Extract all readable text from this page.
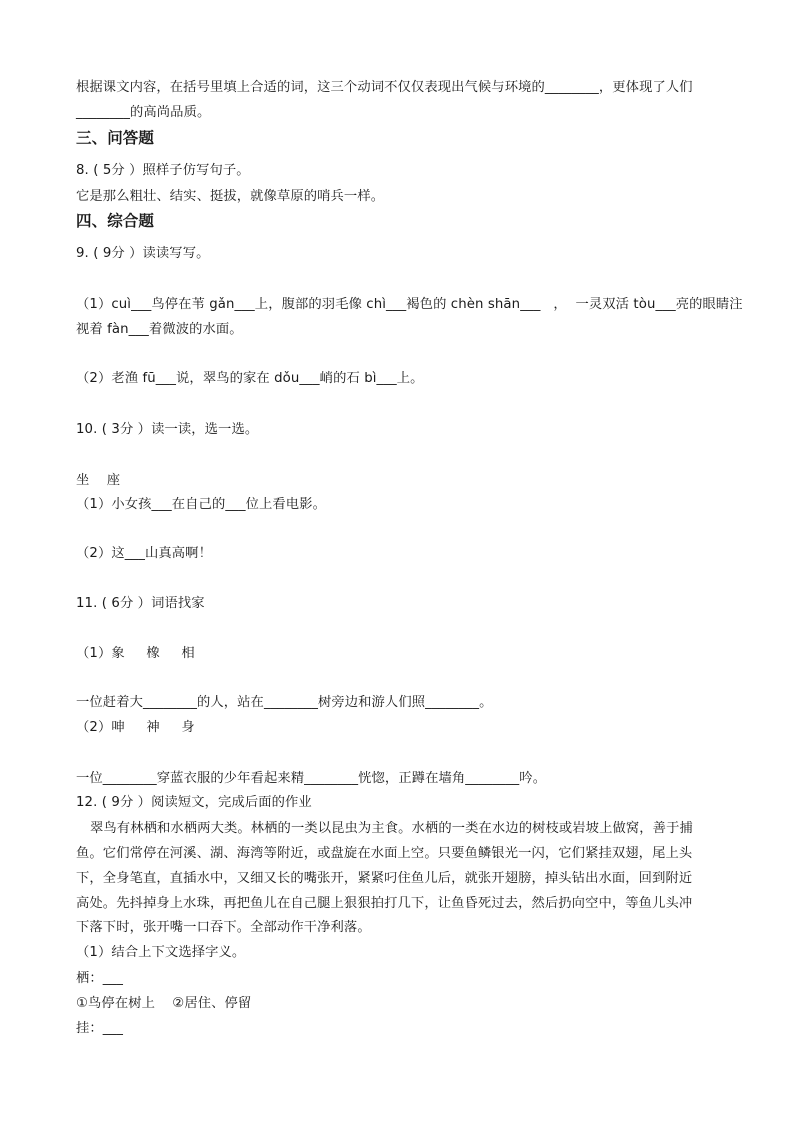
根据课文内容，在括号里填上合适的词，这三个动词不仅仅表现出气候与环境的________，更体现了人们
________的高尚品质。
三、问答题
8. ( 5分 ）照样子仿写句子。
它是那么粗壮、结实、挺拔，就像草原的哨兵一样。
四、综合题
9. ( 9分 ）读读写写。
（1）cuì___鸟停在苇 gǎn___上，腹部的羽毛像 chì___褐色的 chèn shān___   ，  一灵双活 tòu___亮的眼睛注
视着 fàn___着微波的水面。
（2）老渔 fū___说，翠鸟的家在 dǒu___峭的石 bì___上。
10. ( 3分 ）读一读，选一选。
坐    座
（1）小女孩___在自己的___位上看电影。
（2）这___山真高啊！
11. ( 6分 ）词语找家
（1）象     橡     相
一位赶着大________的人，站在________树旁边和游人们照________。
（2）呻     神     身
一位________穿蓝衣服的少年看起来精________恍惚，正蹲在墙角________吟。
12. ( 9分 ）阅读短文，完成后面的作业
翠鸟有林栖和水栖两大类。林栖的一类以昆虫为主食。水栖的一类在水边的树枝或岩坡上做窝，善于捕
鱼。它们常停在河溪、湖、海湾等附近，或盘旋在水面上空。只要鱼鳞银光一闪，它们紧挂双翅，尾上头
下，全身笔直，直插水中，又细又长的嘴张开，紧紧叼住鱼儿后，就张开翅膀，掉头钻出水面，回到附近
高处。先抖掉身上水珠，再把鱼儿在自己腿上狠狠拍打几下，让鱼昏死过去，然后扔向空中，等鱼儿头冲
下落下时，张开嘴一口吞下。全部动作干净利落。
（1）结合上下文选择字义。
栖：___
①鸟停在树上    ②居住、停留
挂：___
